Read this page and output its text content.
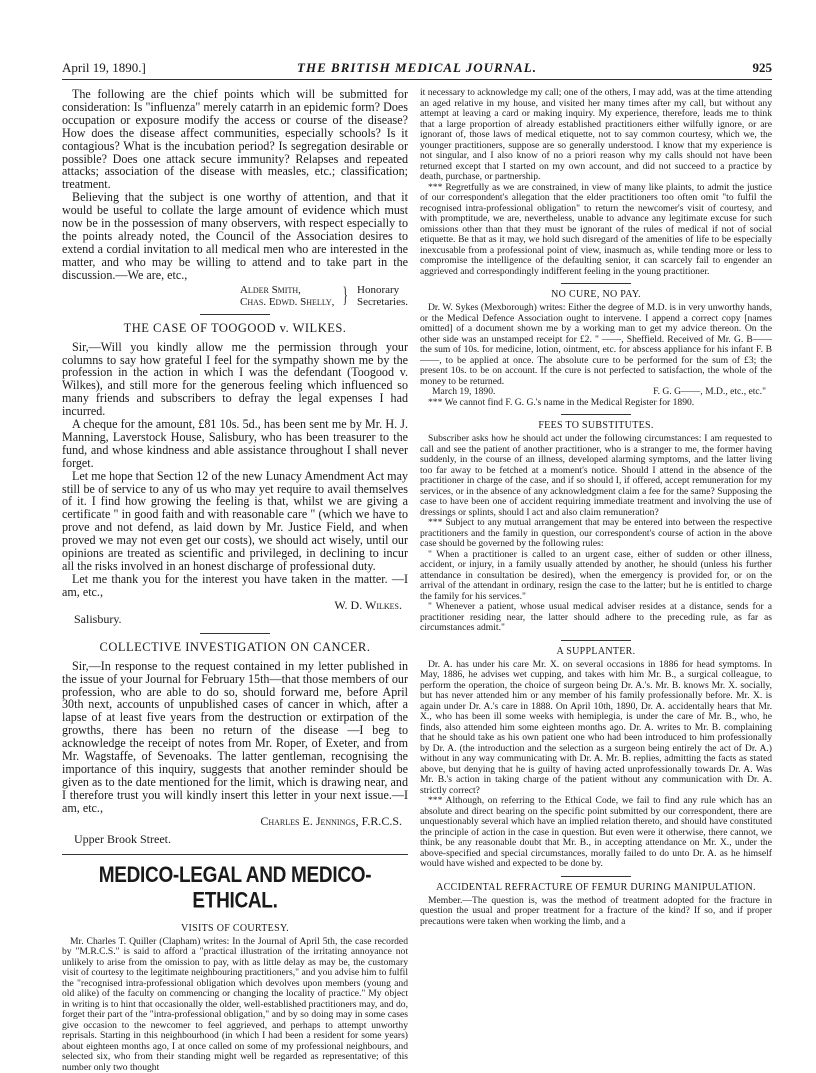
April 19, 1890.]	THE BRITISH MEDICAL JOURNAL.	925

The following are the chief points which will be submitted for consideration: Is "influenza" merely catarrh in an epidemic form? Does occupation or exposure modify the access or course of the disease? How does the disease affect communities, especially schools? Is it contagious? What is the incubation period? Is segregation desirable or possible? Does one attack secure immunity? Relapses and repeated attacks; association of the disease with measles, etc.; classification; treatment.

Believing that the subject is one worthy of attention, and that it would be useful to collate the large amount of evidence which must now be in the possession of many observers, with respect especially to the points already noted, the Council of the Association desires to extend a cordial invitation to all medical men who are interested in the matter, and who may be willing to attend and to take part in the discussion.—We are, etc.,

Alder Smith,
Chas. Edwd. Shelly, } Honorary
Secretaries.
THE CASE OF TOOGOOD v. WILKES.

Sir,—Will you kindly allow me the permission through your columns to say how grateful I feel for the sympathy shown me by the profession in the action in which I was the defendant (Toogood v. Wilkes), and still more for the generous feeling which influenced so many friends and subscribers to defray the legal expenses I had incurred.

A cheque for the amount, £81 10s. 5d., has been sent me by Mr. H. J. Manning, Laverstock House, Salisbury, who has been treasurer to the fund, and whose kindness and able assistance throughout I shall never forget.

Let me hope that Section 12 of the new Lunacy Amendment Act may still be of service to any of us who may yet require to avail themselves of it. I find how growing the feeling is that, whilst we are giving a certificate " in good faith and with reasonable care " (which we have to prove and not defend, as laid down by Mr. Justice Field, and when proved we may not even get our costs), we should act wisely, until our opinions are treated as scientific and privileged, in declining to incur all the risks involved in an honest discharge of professional duty.

Let me thank you for the interest you have taken in the matter. —I am, etc.,

W. D. Wilkes.
Salisbury.
COLLECTIVE INVESTIGATION ON CANCER.

Sir,—In response to the request contained in my letter published in the issue of your Journal for February 15th—that those members of our profession, who are able to do so, should forward me, before April 30th next, accounts of unpublished cases of cancer in which, after a lapse of at least five years from the destruction or extirpation of the growths, there has been no return of the disease —I beg to acknowledge the receipt of notes from Mr. Roper, of Exeter, and from Mr. Wagstaffe, of Sevenoaks. The latter gentleman, recognising the importance of this inquiry, suggests that another reminder should be given as to the date mentioned for the limit, which is drawing near, and I therefore trust you will kindly insert this letter in your next issue.—I am, etc.,

Charles E. Jennings, F.R.C.S.
Upper Brook Street.
MEDICO-LEGAL AND MEDICO-ETHICAL.
VISITS OF COURTESY.

Mr. Charles T. Quiller (Clapham) writes: In the Journal of April 5th, the case recorded by "M.R.C.S." is said to afford a "practical illustration of the irritating annoyance not unlikely to arise from the omission to pay, with as little delay as may be, the customary visit of courtesy to the legitimate neighbouring practitioners," and you advise him to fulfil the "recognised intra-professional obligation which devolves upon members (young and old alike) of the faculty on commencing or changing the locality of practice." My object in writing is to hint that occasionally the older, well-established practitioners may, and do, forget their part of the "intra-professional obligation," and by so doing may in some cases give occasion to the newcomer to feel aggrieved, and perhaps to attempt unworthy reprisals. Starting in this neighbourhood (in which I had been a resident for some years) about eighteen months ago, I at once called on some of my professional neighbours, and selected six, who from their standing might well be regarded as representative; of this number only two thought

it necessary to acknowledge my call; one of the others, I may add, was at the time attending an aged relative in my house, and visited her many times after my call, but without any attempt at leaving a card or making inquiry. My experience, therefore, leads me to think that a large proportion of already established practitioners either wilfully ignore, or are ignorant of, those laws of medical etiquette, not to say common courtesy, which we, the younger practitioners, suppose are so generally understood. I know that my experience is not singular, and I also know of no a priori reason why my calls should not have been returned except that I started on my own account, and did not succeed to a practice by death, purchase, or partnership.

*** Regretfully as we are constrained, in view of many like plaints, to admit the justice of our correspondent's allegation that the elder practitioners too often omit "to fulfil the recognised intra-professional obligation" to return the newcomer's visit of courtesy, and with promptitude, we are, nevertheless, unable to advance any legitimate excuse for such omissions other than that they must be ignorant of the rules of medical if not of social etiquette. Be that as it may, we hold such disregard of the amenities of life to be especially inexcusable from a professional point of view, inasmuch as, while tending more or less to compromise the intelligence of the defaulting senior, it can scarcely fail to engender an aggrieved and correspondingly indifferent feeling in the young practitioner.

NO CURE, NO PAY.

Dr. W. Sykes (Mexborough) writes: Either the degree of M.D. is in very unworthy hands, or the Medical Defence Association ought to intervene. I append a correct copy [names omitted] of a document shown me by a working man to get my advice thereon. On the other side was an unstamped receipt for £2. " ——, Sheffield. Received of Mr. G. B—— the sum of 10s. for medicine, lotion, ointment, etc. for abscess appliance for his infant F. B——, to be applied at once. The absolute cure to be performed for the sum of £3; the present 10s. to be on account. If the cure is not perfected to satisfaction, the whole of the money to be returned.

March 19, 1890.	F. G. G——, M.D., etc., etc."

*** We cannot find F. G. G.'s name in the Medical Register for 1890.

FEES TO SUBSTITUTES.

Subscriber asks how he should act under the following circumstances: I am requested to call and see the patient of another practitioner, who is a stranger to me, the former having suddenly, in the course of an illness, developed alarming symptoms, and the latter living too far away to be fetched at a moment's notice. Should I attend in the absence of the practitioner in charge of the case, and if so should I, if offered, accept remuneration for my services, or in the absence of any acknowledgment claim a fee for the same? Supposing the case to have been one of accident requiring immediate treatment and involving the use of dressings or splints, should I act and also claim remuneration?

*** Subject to any mutual arrangement that may be entered into between the respective practitioners and the family in question, our correspondent's course of action in the above case should be governed by the following rules:

" When a practitioner is called to an urgent case, either of sudden or other illness, accident, or injury, in a family usually attended by another, he should (unless his further attendance in consultation be desired), when the emergency is provided for, or on the arrival of the attendant in ordinary, resign the case to the latter; but he is entitled to charge the family for his services."

" Whenever a patient, whose usual medical adviser resides at a distance, sends for a practitioner residing near, the latter should adhere to the preceding rule, as far as circumstances admit."

A SUPPLANTER.

Dr. A. has under his care Mr. X. on several occasions in 1886 for head symptoms. In May, 1886, he advises wet cupping, and takes with him Mr. B., a surgical colleague, to perform the operation, the choice of surgeon being Dr. A.'s. Mr. B. knows Mr. X. socially, but has never attended him or any member of his family professionally before. Mr. X. is again under Dr. A.'s care in 1888. On April 10th, 1890, Dr. A. accidentally hears that Mr. X., who has been ill some weeks with hemiplegia, is under the care of Mr. B., who, he finds, also attended him some eighteen months ago. Dr. A. writes to Mr. B. complaining that he should take as his own patient one who had been introduced to him professionally by Dr. A. (the introduction and the selection as a surgeon being entirely the act of Dr. A.) without in any way communicating with Dr. A. Mr. B. replies, admitting the facts as stated above, but denying that he is guilty of having acted unprofessionally towards Dr. A. Was Mr. B.'s action in taking charge of the patient without any communication with Dr. A. strictly correct?

*** Although, on referring to the Ethical Code, we fail to find any rule which has an absolute and direct bearing on the specific point submitted by our correspondent, there are unquestionably several which have an implied relation thereto, and should have constituted the principle of action in the case in question. But even were it otherwise, there cannot, we think, be any reasonable doubt that Mr. B., in accepting attendance on Mr. X., under the above-specified and special circumstances, morally failed to do unto Dr. A. as he himself would have wished and expected to be done by.

ACCIDENTAL REFRACTURE OF FEMUR DURING MANIPULATION.

Member.—The question is, was the method of treatment adopted for the fracture in question the usual and proper treatment for a fracture of the kind? If so, and if proper precautions were taken when working the limb, and a
